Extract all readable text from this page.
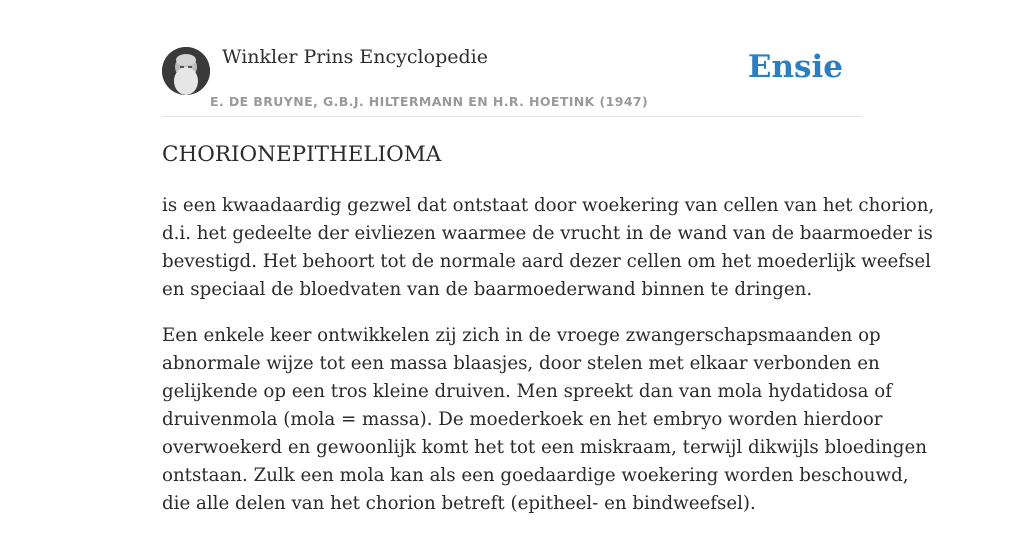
Winkler Prins Encyclopedie
E. DE BRUYNE, G.B.J. HILTERMANN EN H.R. HOETINK (1947)
Ensie
CHORIONEPITHELIOMA

is een kwaadaardig gezwel dat ontstaat door woekering van cellen van het chorion,
d.i. het gedeelte der eivliezen waarmee de vrucht in de wand van de baarmoeder is
bevestigd. Het behoort tot de normale aard dezer cellen om het moederlijk weefsel
en speciaal de bloedvaten van de baarmoederwand binnen te dringen.

Een enkele keer ontwikkelen zij zich in de vroege zwangerschapsmaanden op
abnormale wijze tot een massa blaasjes, door stelen met elkaar verbonden en
gelijkende op een tros kleine druiven. Men spreekt dan van mola hydatidosa of
druivenmola (mola = massa). De moederkoek en het embryo worden hierdoor
overwoekerd en gewoonlijk komt het tot een miskraam, terwijl dikwijls bloedingen
ontstaan. Zulk een mola kan als een goedaardige woekering worden beschouwd,
die alle delen van het chorion betreft (epitheel- en bindweefsel).
